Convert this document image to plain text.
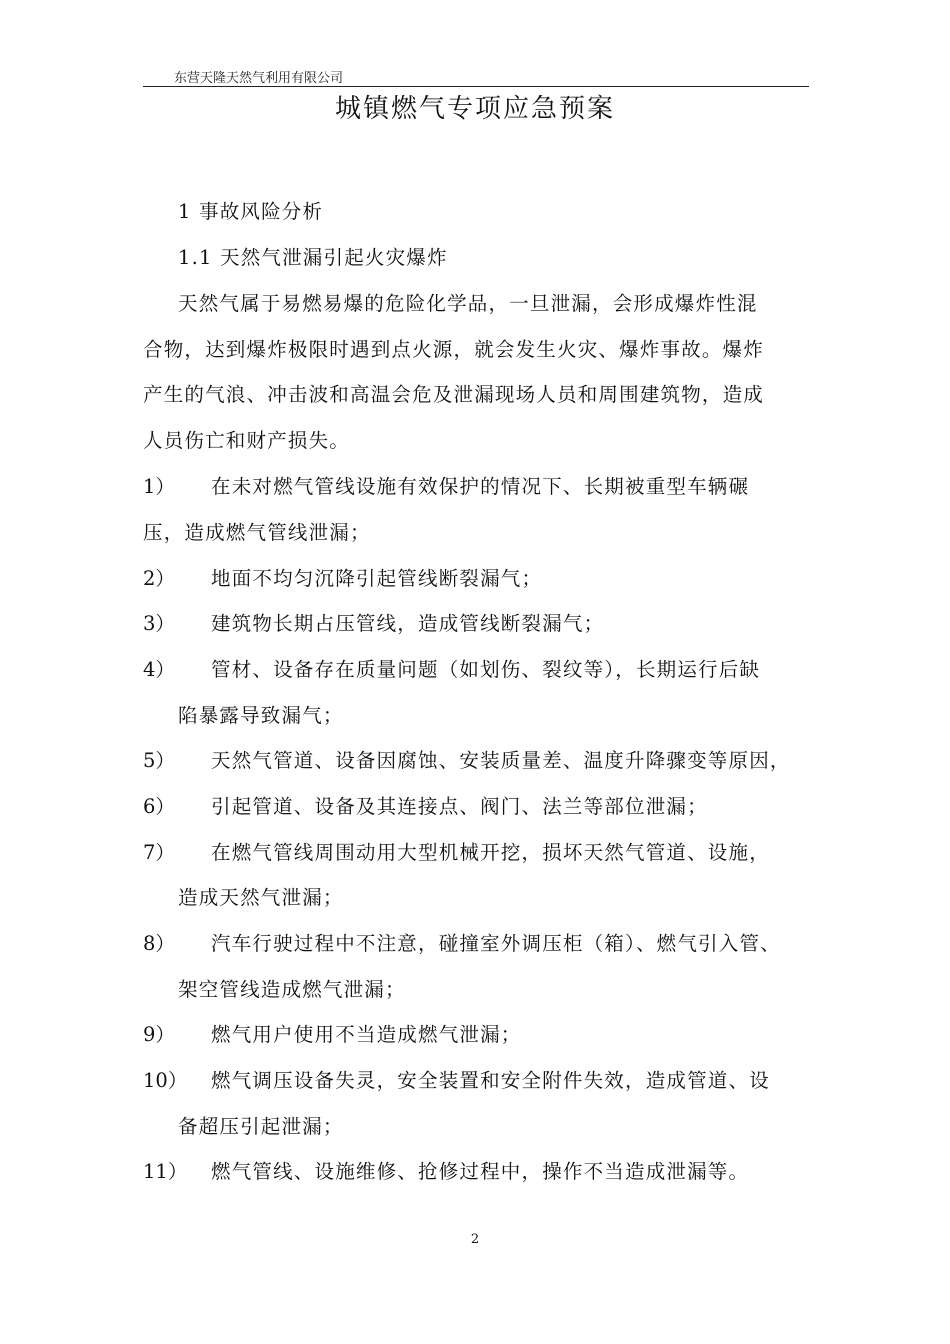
东营天隆天然气利用有限公司
城镇燃气专项应急预案
1 事故风险分析
1.1 天然气泄漏引起火灾爆炸
天然气属于易燃易爆的危险化学品，一旦泄漏，会形成爆炸性混
合物，达到爆炸极限时遇到点火源，就会发生火灾、爆炸事故。爆炸
产生的气浪、冲击波和高温会危及泄漏现场人员和周围建筑物，造成
人员伤亡和财产损失。
1） 在未对燃气管线设施有效保护的情况下、长期被重型车辆碾
压，造成燃气管线泄漏；
2） 地面不均匀沉降引起管线断裂漏气；
3） 建筑物长期占压管线，造成管线断裂漏气；
4） 管材、设备存在质量问题（如划伤、裂纹等），长期运行后缺
陷暴露导致漏气；
5） 天然气管道、设备因腐蚀、安装质量差、温度升降骤变等原因，
6） 引起管道、设备及其连接点、阀门、法兰等部位泄漏；
7） 在燃气管线周围动用大型机械开挖，损坏天然气管道、设施，
造成天然气泄漏；
8） 汽车行驶过程中不注意，碰撞室外调压柜（箱）、燃气引入管、
架空管线造成燃气泄漏；
9） 燃气用户使用不当造成燃气泄漏；
10） 燃气调压设备失灵，安全装置和安全附件失效，造成管道、设
备超压引起泄漏；
11） 燃气管线、设施维修、抢修过程中，操作不当造成泄漏等。
2
